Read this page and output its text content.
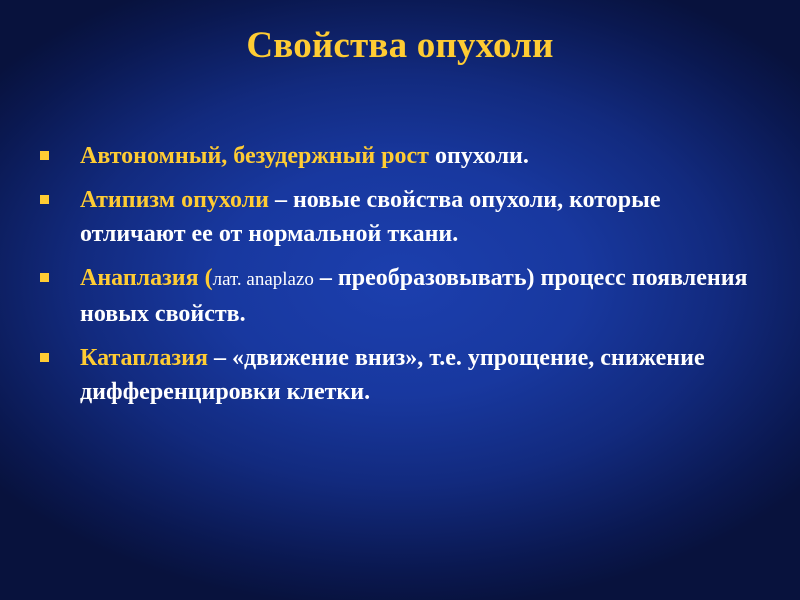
Свойства опухоли
Автономный, безудержный рост опухоли.
Атипизм опухоли – новые свойства опухоли, которые отличают ее от нормальной ткани.
Анаплазия (лат. anaplazo – преобразовывать) процесс появления новых свойств.
Катаплазия – «движение вниз», т.е. упрощение, снижение дифференцировки клетки.
